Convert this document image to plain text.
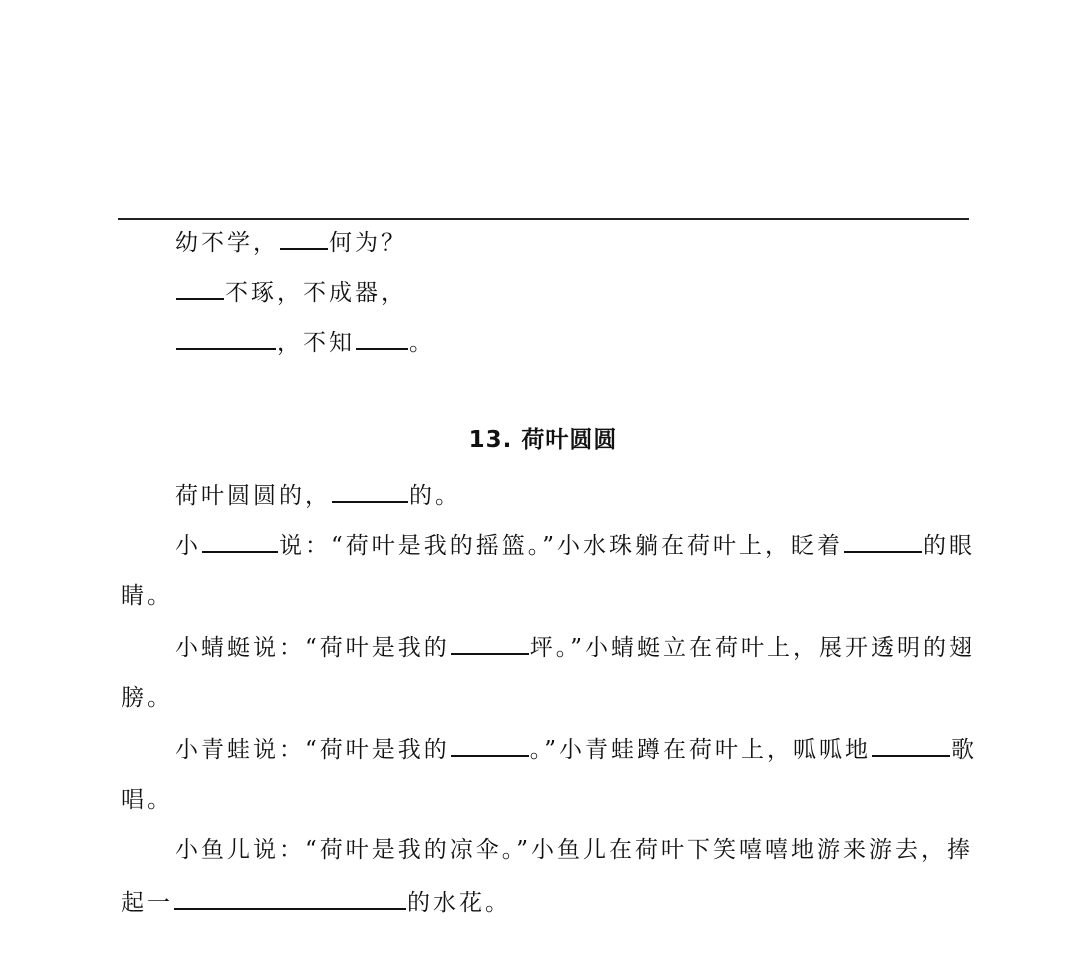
幼不学， 何为？
不琢，不成器，
，不知 。
13. 荷叶圆圆
荷叶圆圆的，	的。
小	说：“荷叶是我的摇篮。”小水珠躺在荷叶上，眨着	的眼
睛。
小蜻蜓说：“荷叶是我的	坪。”小蜻蜓立在荷叶上，展开透明的翅
膀。
小青蛙说：“荷叶是我的	。”小青蛙蹲在荷叶上，呱呱地	歌
唱。
小鱼儿说：“荷叶是我的凉伞。”小鱼儿在荷叶下笑嘻嘻地游来游去，捧
起一	的水花。
